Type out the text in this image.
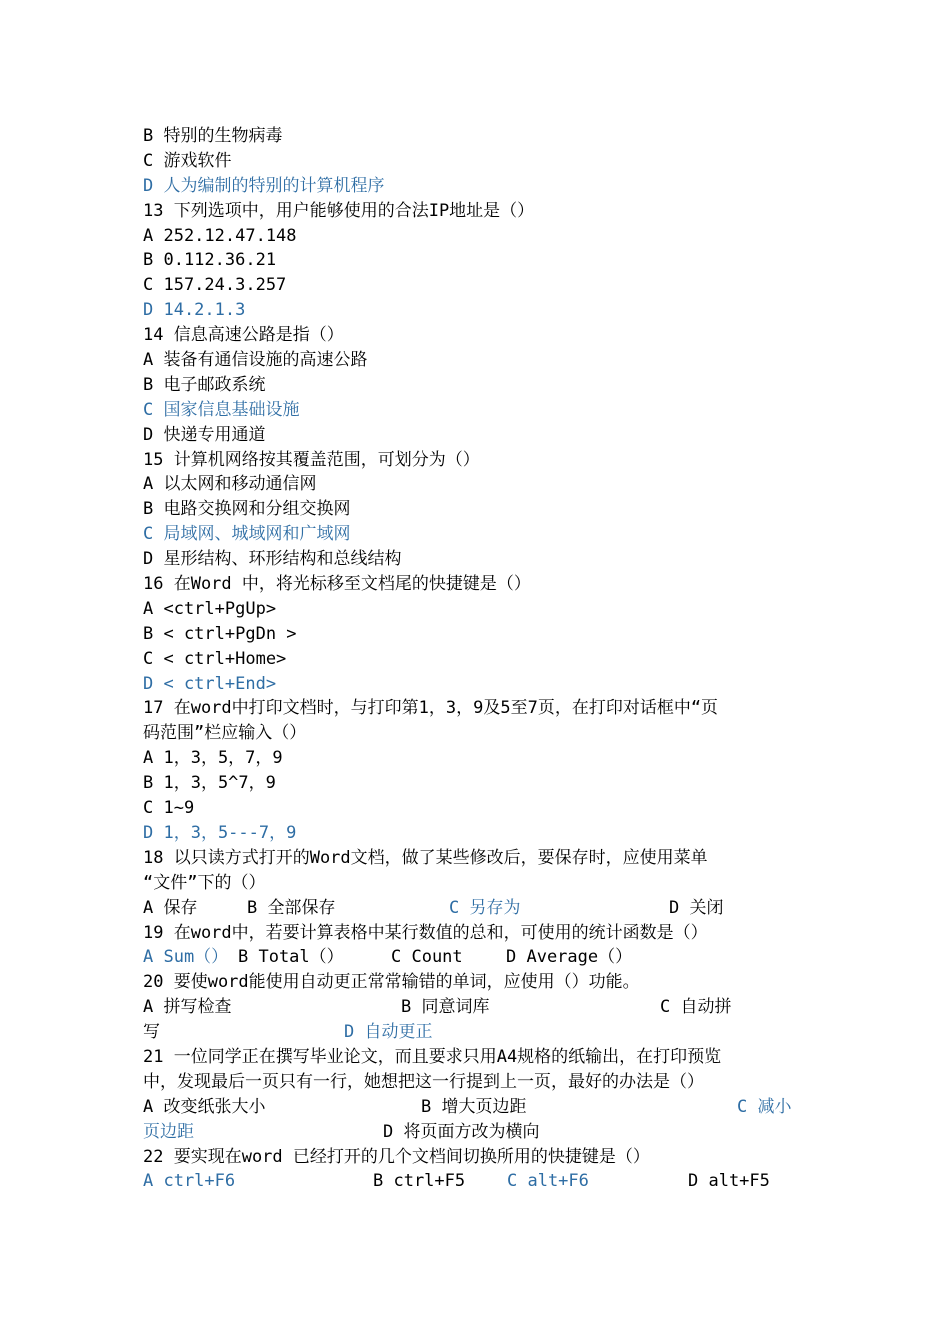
B 特别的生物病毒
C 游戏软件
D 人为编制的特别的计算机程序
13 下列选项中，用户能够使用的合法IP地址是（）
A 252.12.47.148
B 0.112.36.21
C 157.24.3.257
D 14.2.1.3
14 信息高速公路是指（）
A 装备有通信设施的高速公路
B 电子邮政系统
C 国家信息基础设施
D 快递专用通道
15 计算机网络按其覆盖范围，可划分为（）
A 以太网和移动通信网
B 电路交换网和分组交换网
C 局域网、城域网和广域网
D 星形结构、环形结构和总线结构
16 在Word 中，将光标移至文档尾的快捷键是（）
A <ctrl+PgUp>
B < ctrl+PgDn >
C < ctrl+Home>
D < ctrl+End>
17 在word中打印文档时，与打印第1，3，9及5至7页，在打印对话框中“页
码范围”栏应输入（）
A 1，3，5，7，9
B 1，3，5^7，9
C 1~9
D 1，3，5---7，9
18 以只读方式打开的Word文档，做了某些修改后，要保存时，应使用菜单
“文件”下的（）
A 保存	B 全部保存	C 另存为	D 关闭
19 在word中，若要计算表格中某行数值的总和，可使用的统计函数是（）
A Sum（） B Total（）	C Count	D Average（）
20 要使word能使用自动更正常常输错的单词，应使用（）功能。
A 拼写检查	B 同意词库	C 自动拼
写	D 自动更正
21 一位同学正在撰写毕业论文，而且要求只用A4规格的纸输出，在打印预览
中，发现最后一页只有一行，她想把这一行提到上一页，最好的办法是（）
A 改变纸张大小	B 增大页边距	C 减小
页边距	D 将页面方改为横向
22 要实现在word 已经打开的几个文档间切换所用的快捷键是（）
A ctrl+F6	B ctrl+F5 C alt+F6	D alt+F5
